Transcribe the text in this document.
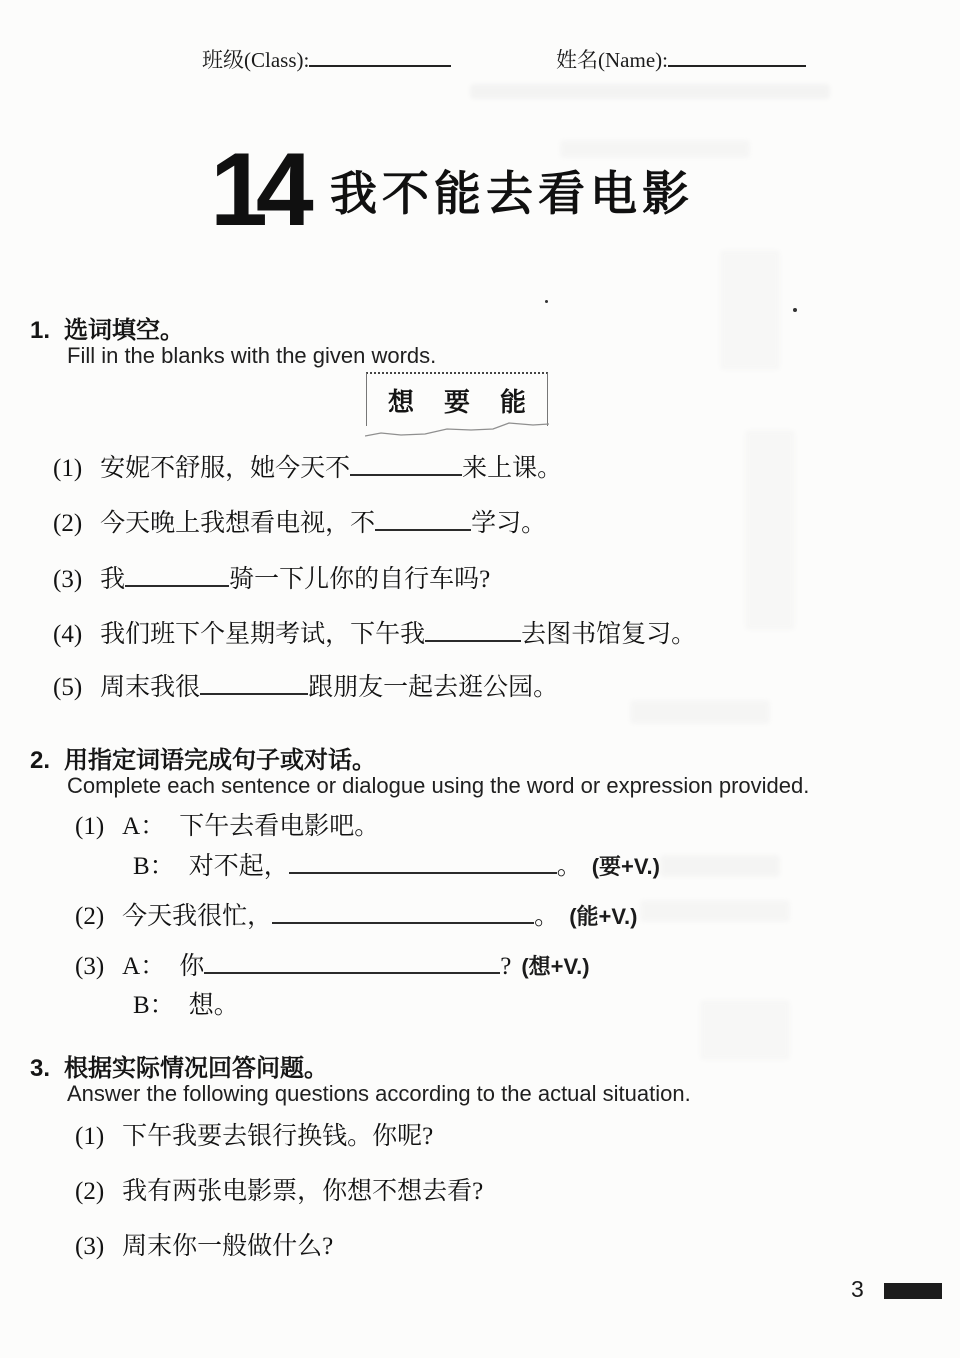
班级(Class):	姓名(Name):
14 我不能去看电影
1. 选词填空。
Fill in the blanks with the given words.
想 要 能
(1) 安妮不舒服，她今天不	来上课。
(2) 今天晚上我想看电视，不	学习。
(3) 我	骑一下儿你的自行车吗?
(4) 我们班下个星期考试，下午我	去图书馆复习。
(5) 周末我很	跟朋友一起去逛公园。
2. 用指定词语完成句子或对话。
Complete each sentence or dialogue using the word or expression provided.
(1) A： 下午去看电影吧。
B： 对不起，	。 (要+V.)
(2) 今天我很忙，	。 (能+V.)
(3) A： 你	? (想+V.)
B： 想。
3. 根据实际情况回答问题。
Answer the following questions according to the actual situation.
(1) 下午我要去银行换钱。你呢?
(2) 我有两张电影票，你想不想去看?
(3) 周末你一般做什么?
3
